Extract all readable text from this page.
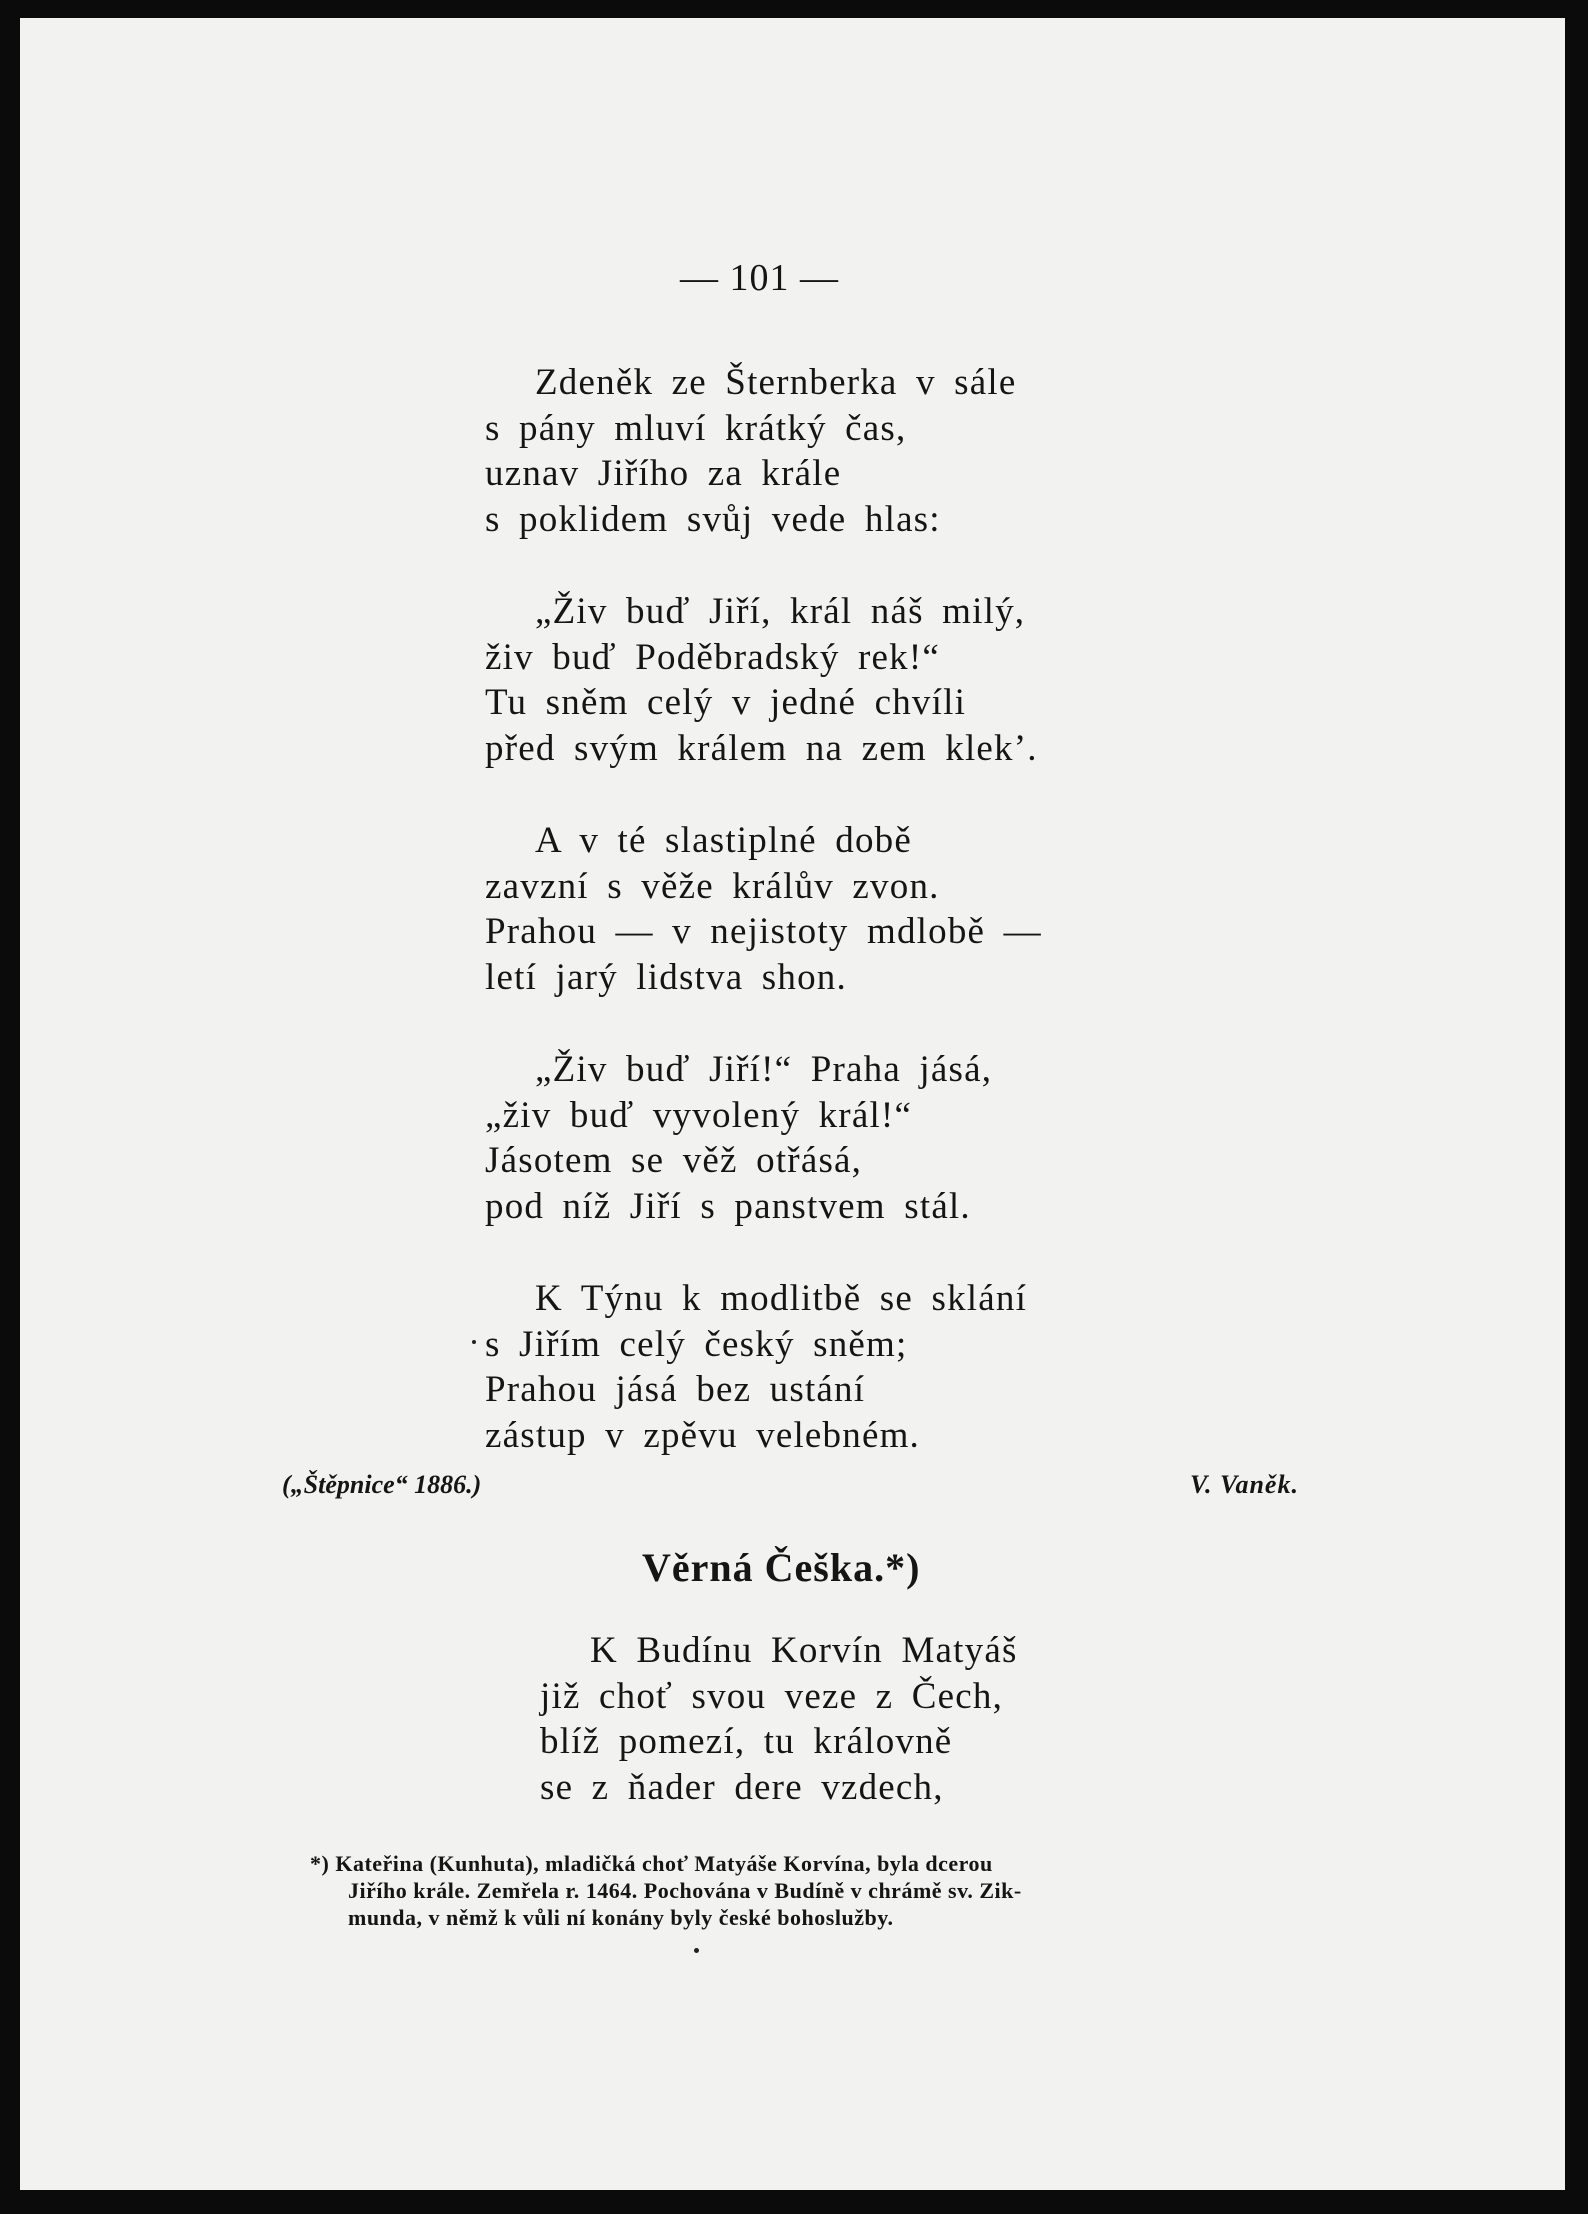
— 101 —
Zdeněk ze Šternberka v sále
s pány mluví krátký čas,
uznav Jiřího za krále
s poklidem svůj vede hlas:
„Živ buď Jiří, král náš milý,
živ buď Poděbradský rek!“
Tu sněm celý v jedné chvíli
před svým králem na zem klek’.
A v té slastiplné době
zavzní s věže králův zvon.
Prahou — v nejistoty mdlobě —
letí jarý lidstva shon.
„Živ buď Jiří!“ Praha jásá,
„živ buď vyvolený král!“
Jásotem se věž otřásá,
pod níž Jiří s panstvem stál.
K Týnu k modlitbě se sklání
s Jiřím celý český sněm;
Prahou jásá bez ustání
zástup v zpěvu velebném.
(„Štěpnice“ 1886.)	V. Vaněk.
Věrná Češka.*)
K Budínu Korvín Matyáš
již choť svou veze z Čech,
blíž pomezí, tu královně
se z ňader dere vzdech,
*) Kateřina (Kunhuta), mladičká choť Matyáše Korvína, byla dcerou
Jiřího krále. Zemřela r. 1464. Pochována v Budíně v chrámě sv. Zik-
munda, v němž k vůli ní konány byly české bohoslužby.
